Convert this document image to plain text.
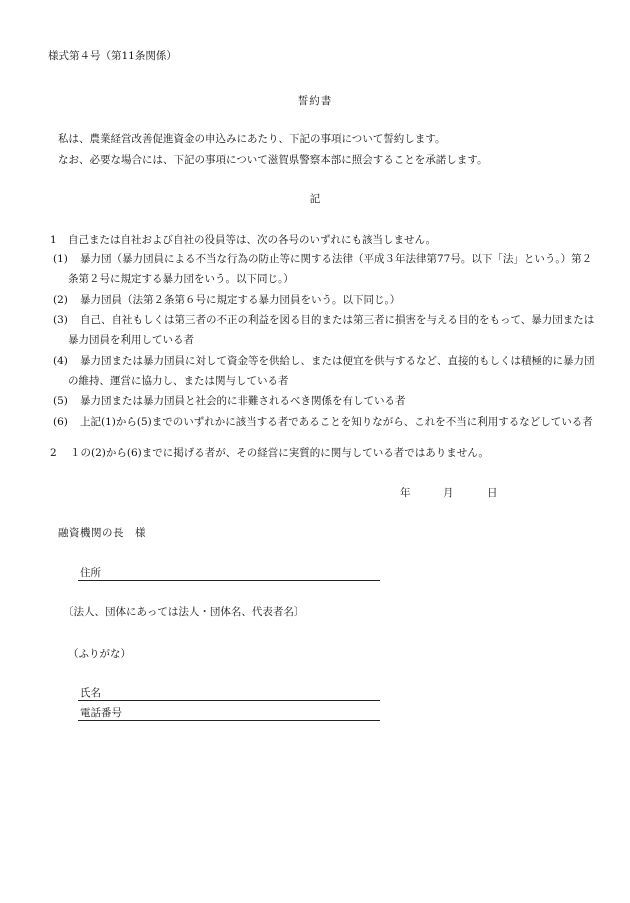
様式第４号（第11条関係）
誓約書
私は、農業経営改善促進資金の申込みにあたり、下記の事項について誓約します。
なお、必要な場合には、下記の事項について滋賀県警察本部に照会することを承諾します。
記
1 自己または自社および自社の役員等は、次の各号のいずれにも該当しません。
(1) 暴力団（暴力団員による不当な行為の防止等に関する法律（平成３年法律第77号。以下「法」という。）第２
条第２号に規定する暴力団をいう。以下同じ。）
(2) 暴力団員（法第２条第６号に規定する暴力団員をいう。以下同じ。）
(3) 自己、自社もしくは第三者の不正の利益を図る目的または第三者に損害を与える目的をもって、暴力団または
暴力団員を利用している者
(4) 暴力団または暴力団員に対して資金等を供給し、または便宜を供与するなど、直接的もしくは積極的に暴力団
の維持、運営に協力し、または関与している者
(5) 暴力団または暴力団員と社会的に非難されるべき関係を有している者
(6) 上記(1)から(5)までのいずれかに該当する者であることを知りながら、これを不当に利用するなどしている者
2 １の(2)から(6)までに掲げる者が、その経営に実質的に関与している者ではありません。
年	月	日
融資機関の長　様
住所
〔法人、団体にあっては法人・団体名、代表者名〕
（ふりがな）
氏名
電話番号
